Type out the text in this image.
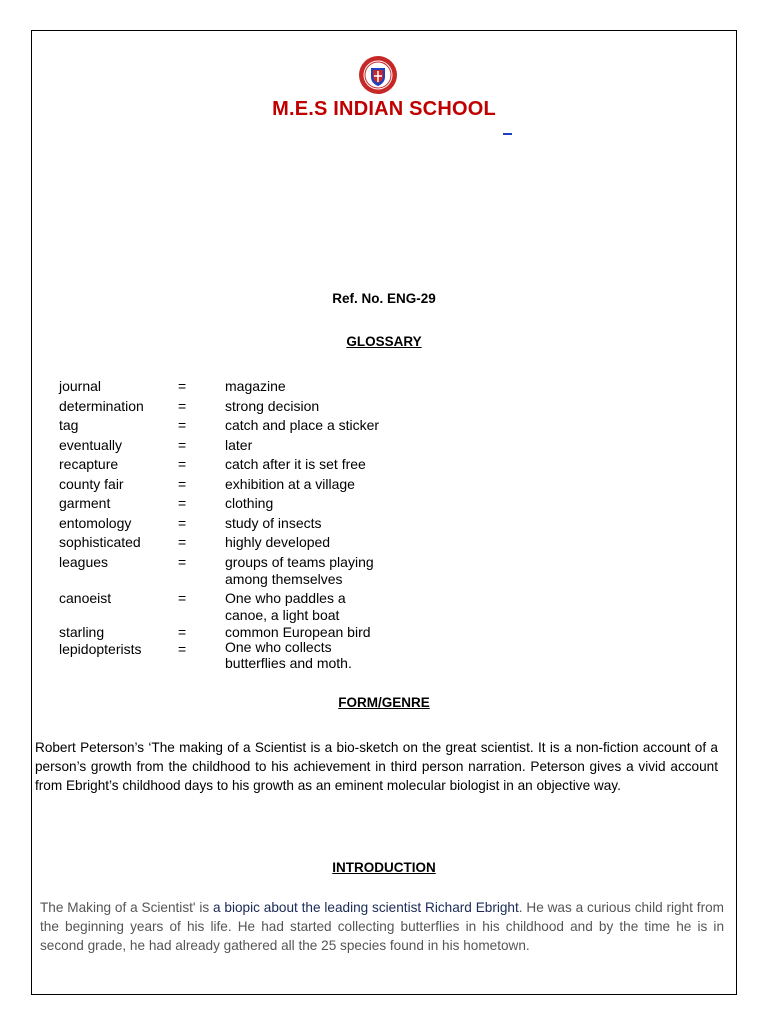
M.E.S INDIAN SCHOOL
Ref. No. ENG-29
GLOSSARY
journal	=	magazine
determination =	strong decision
tag	=	catch and place a sticker
eventually	=	later
recapture	=	catch after it is set free
county fair	=	exhibition at a village
garment	=	clothing
entomology	=	study of insects
sophisticated	=	highly developed
leagues	=	groups of teams playing
among themselves
canoeist	=	One who paddles a
canoe, a light boat
starling	=	common European bird
lepidopterists	=	One who collects
butterflies and moth.
FORM/GENRE
Robert Peterson’s ‘The making of a Scientist is a bio-sketch on the great scientist. It is a non-fiction account of a person’s growth from the childhood to his achievement in third person narration. Peterson gives a vivid account from Ebright’s childhood days to his growth as an eminent molecular biologist in an objective way.
INTRODUCTION
The Making of a Scientist' is a biopic about the leading scientist Richard Ebright. He was a curious child right from the beginning years of his life. He had started collecting butterflies in his childhood and by the time he is in second grade, he had already gathered all the 25 species found in his hometown.
